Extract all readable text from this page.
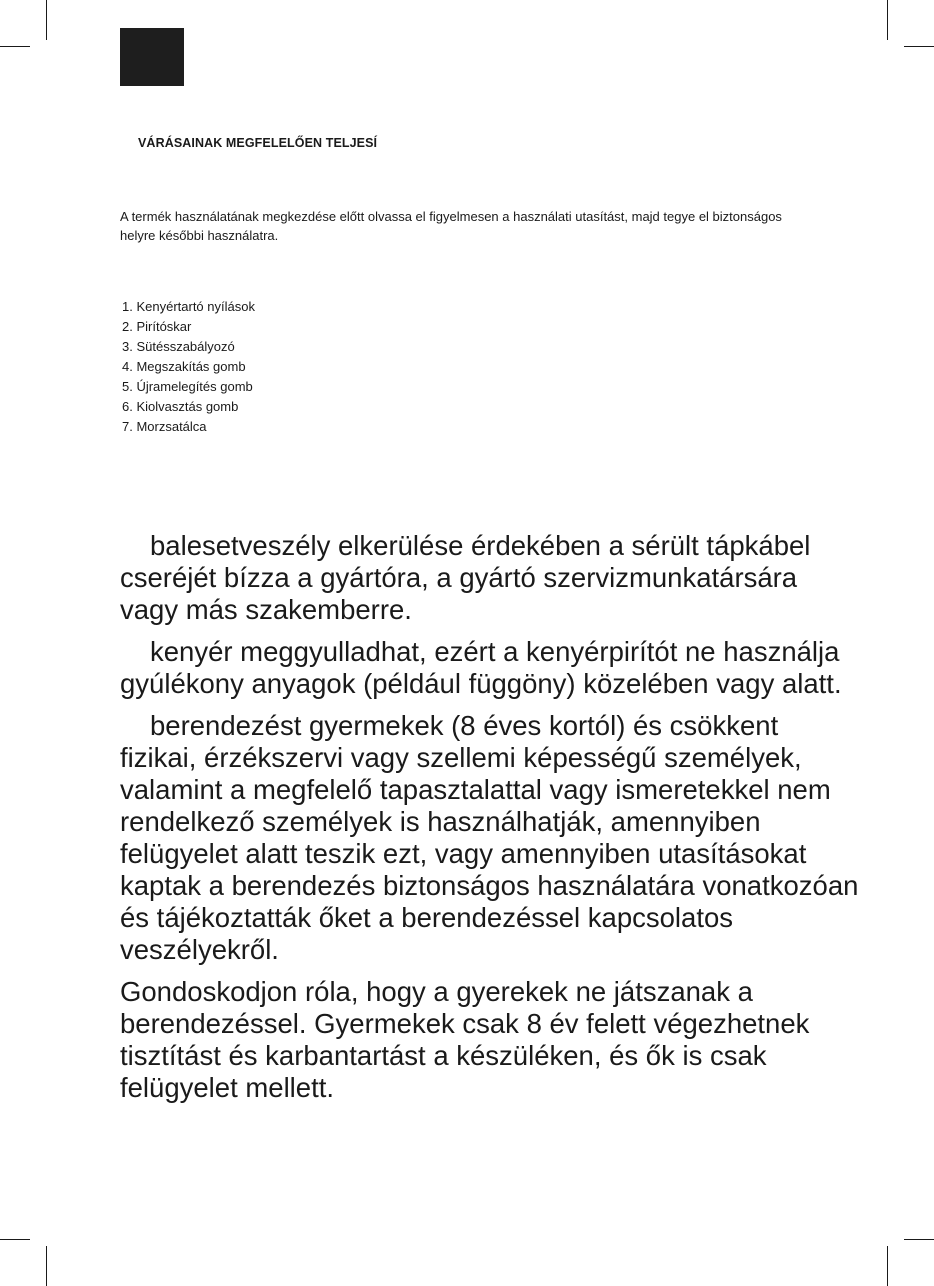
VÁRÁSAINAK MEGFELELŐEN TELJESÍ
A termék használatának megkezdése előtt olvassa el figyelmesen a használati utasítást, majd tegye el biztonságos helyre későbbi használatra.
1. Kenyértartó nyílások
2. Pirítóskar
3. Sütésszabályozó
4. Megszakítás gomb
5. Újramelegítés gomb
6. Kiolvasztás gomb
7. Morzsatálca

balesetveszély elkerülése érdekében a sérült tápkábel cseréjét bízza a gyártóra, a gyártó szervizmunkatársára vagy más szakemberre.

kenyér meggyulladhat, ezért a kenyérpirítót ne használja gyúlékony anyagok (például függöny) közelében vagy alatt.

berendezést gyermekek (8 éves kortól) és csökkent fizikai, érzékszervi vagy szellemi képességű személyek, valamint a megfelelő tapasztalattal vagy ismeretekkel nem rendelkező személyek is használhatják, amennyiben felügyelet alatt teszik ezt, vagy amennyiben utasításokat kaptak a berendezés biztonságos használatára vonatkozóan és tájékoztatták őket a berendezéssel kapcsolatos veszélyekről.

Gondoskodjon róla, hogy a gyerekek ne játszanak a berendezéssel. Gyermekek csak 8 év felett végezhetnek tisztítást és karbantartást a készüléken, és ők is csak felügyelet mellett.
